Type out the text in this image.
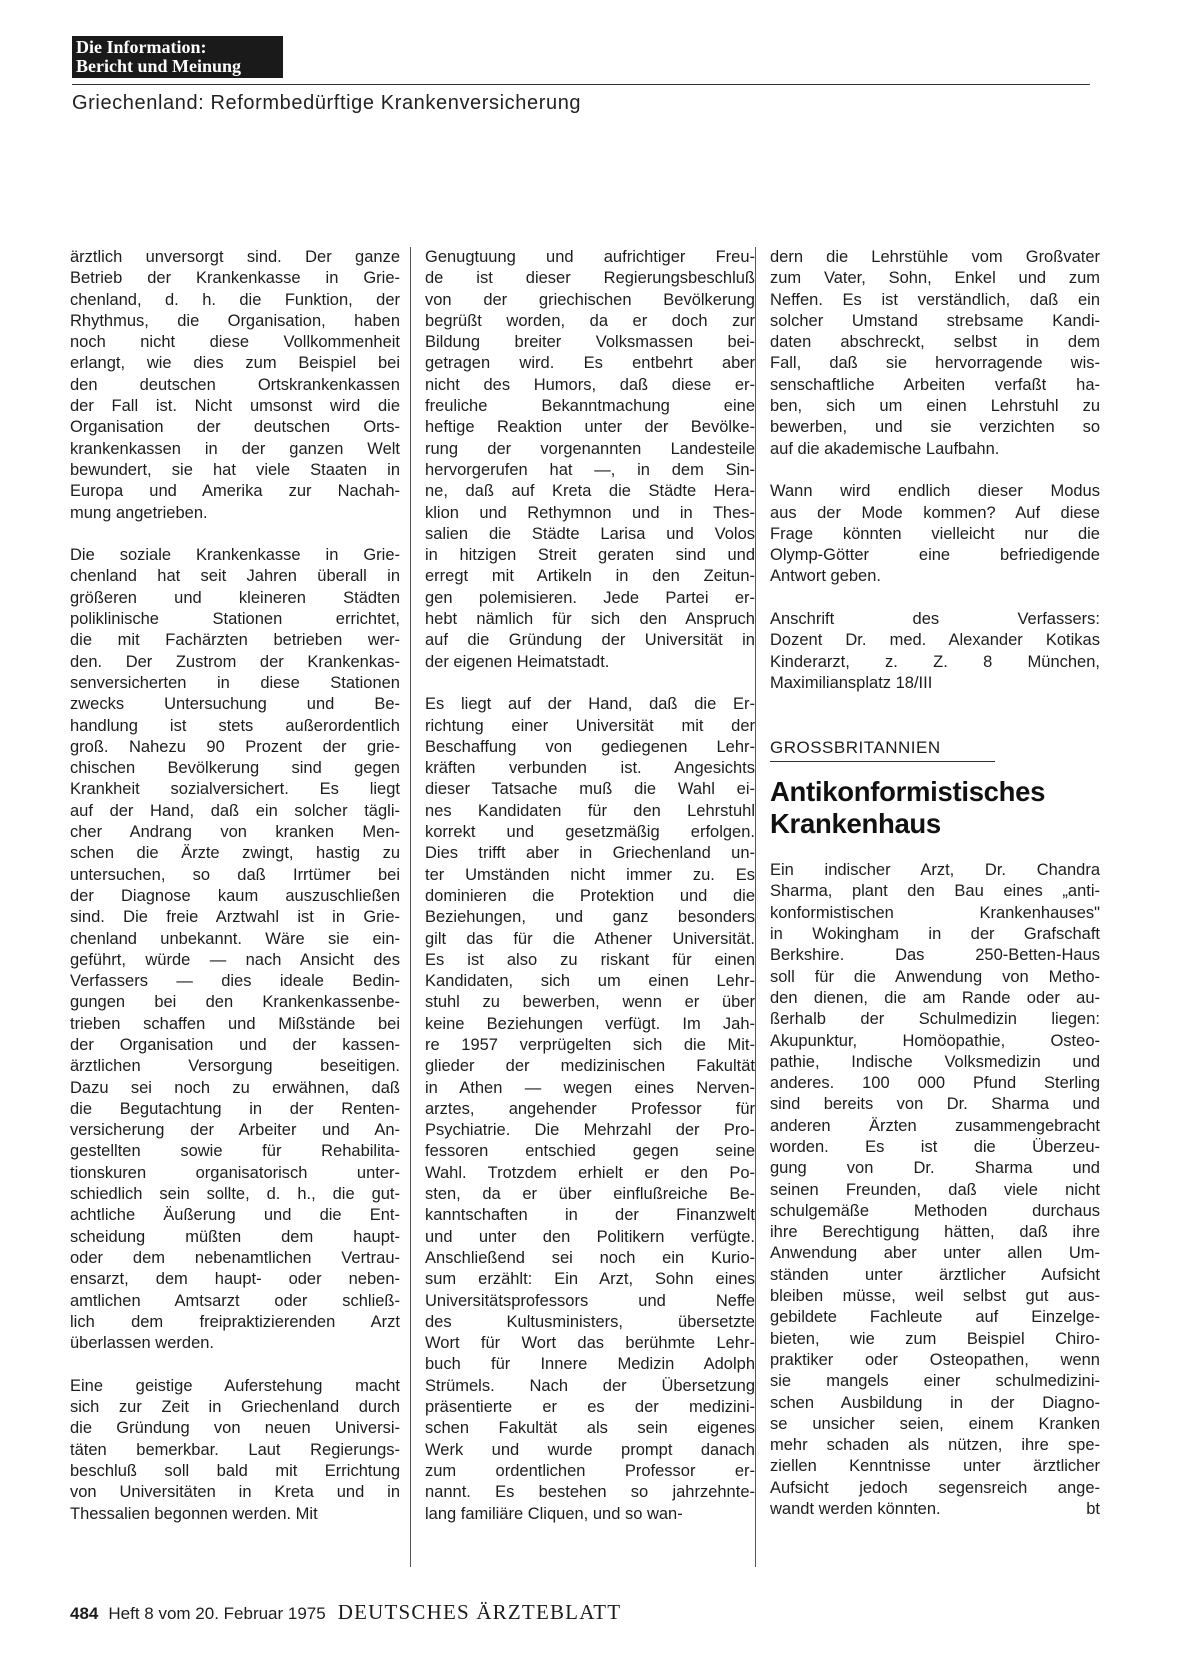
Die Information:
Bericht und Meinung
Griechenland: Reformbedürftige Krankenversicherung
ärztlich unversorgt sind. Der ganze
Betrieb der Krankenkasse in Grie-
chenland, d. h. die Funktion, der
Rhythmus, die Organisation, haben
noch nicht diese Vollkommenheit
erlangt, wie dies zum Beispiel bei
den deutschen Ortskrankenkassen
der Fall ist. Nicht umsonst wird die
Organisation der deutschen Orts-
krankenkassen in der ganzen Welt
bewundert, sie hat viele Staaten in
Europa und Amerika zur Nachah-
mung angetrieben.
Die soziale Krankenkasse in Grie-
chenland hat seit Jahren überall in
größeren und kleineren Städten
poliklinische Stationen errichtet,
die mit Fachärzten betrieben wer-
den. Der Zustrom der Krankenkas-
senversicherten in diese Stationen
zwecks Untersuchung und Be-
handlung ist stets außerordentlich
groß. Nahezu 90 Prozent der grie-
chischen Bevölkerung sind gegen
Krankheit sozialversichert. Es liegt
auf der Hand, daß ein solcher tägli-
cher Andrang von kranken Men-
schen die Ärzte zwingt, hastig zu
untersuchen, so daß Irrtümer bei
der Diagnose kaum auszuschließen
sind. Die freie Arztwahl ist in Grie-
chenland unbekannt. Wäre sie ein-
geführt, würde — nach Ansicht des
Verfassers — dies ideale Bedin-
gungen bei den Krankenkassenbe-
trieben schaffen und Mißstände bei
der Organisation und der kassen-
ärztlichen Versorgung beseitigen.
Dazu sei noch zu erwähnen, daß
die Begutachtung in der Renten-
versicherung der Arbeiter und An-
gestellten sowie für Rehabilita-
tionskuren organisatorisch unter-
schiedlich sein sollte, d. h., die gut-
achtliche Äußerung und die Ent-
scheidung müßten dem haupt-
oder dem nebenamtlichen Vertrau-
ensarzt, dem haupt- oder neben-
amtlichen Amtsarzt oder schließ-
lich dem freipraktizierenden Arzt
überlassen werden.
Eine geistige Auferstehung macht
sich zur Zeit in Griechenland durch
die Gründung von neuen Universi-
täten bemerkbar. Laut Regierungs-
beschluß soll bald mit Errichtung
von Universitäten in Kreta und in
Thessalien begonnen werden. Mit
Genugtuung und aufrichtiger Freu-
de ist dieser Regierungsbeschluß
von der griechischen Bevölkerung
begrüßt worden, da er doch zur
Bildung breiter Volksmassen bei-
getragen wird. Es entbehrt aber
nicht des Humors, daß diese er-
freuliche Bekanntmachung eine
heftige Reaktion unter der Bevölke-
rung der vorgenannten Landesteile
hervorgerufen hat —, in dem Sin-
ne, daß auf Kreta die Städte Hera-
klion und Rethymnon und in Thes-
salien die Städte Larisa und Volos
in hitzigen Streit geraten sind und
erregt mit Artikeln in den Zeitun-
gen polemisieren. Jede Partei er-
hebt nämlich für sich den Anspruch
auf die Gründung der Universität in
der eigenen Heimatstadt.
Es liegt auf der Hand, daß die Er-
richtung einer Universität mit der
Beschaffung von gediegenen Lehr-
kräften verbunden ist. Angesichts
dieser Tatsache muß die Wahl ei-
nes Kandidaten für den Lehrstuhl
korrekt und gesetzmäßig erfolgen.
Dies trifft aber in Griechenland un-
ter Umständen nicht immer zu. Es
dominieren die Protektion und die
Beziehungen, und ganz besonders
gilt das für die Athener Universität.
Es ist also zu riskant für einen
Kandidaten, sich um einen Lehr-
stuhl zu bewerben, wenn er über
keine Beziehungen verfügt. Im Jah-
re 1957 verprügelten sich die Mit-
glieder der medizinischen Fakultät
in Athen — wegen eines Nerven-
arztes, angehender Professor für
Psychiatrie. Die Mehrzahl der Pro-
fessoren entschied gegen seine
Wahl. Trotzdem erhielt er den Po-
sten, da er über einflußreiche Be-
kanntschaften in der Finanzwelt
und unter den Politikern verfügte.
Anschließend sei noch ein Kurio-
sum erzählt: Ein Arzt, Sohn eines
Universitätsprofessors und Neffe
des Kultusministers, übersetzte
Wort für Wort das berühmte Lehr-
buch für Innere Medizin Adolph
Strümels. Nach der Übersetzung
präsentierte er es der medizini-
schen Fakultät als sein eigenes
Werk und wurde prompt danach
zum ordentlichen Professor er-
nannt. Es bestehen so jahrzehnte-
lang familiäre Cliquen, und so wan-
dern die Lehrstühle vom Großvater
zum Vater, Sohn, Enkel und zum
Neffen. Es ist verständlich, daß ein
solcher Umstand strebsame Kandi-
daten abschreckt, selbst in dem
Fall, daß sie hervorragende wis-
senschaftliche Arbeiten verfaßt ha-
ben, sich um einen Lehrstuhl zu
bewerben, und sie verzichten so
auf die akademische Laufbahn.
Wann wird endlich dieser Modus
aus der Mode kommen? Auf diese
Frage könnten vielleicht nur die
Olymp-Götter eine befriedigende
Antwort geben.
Anschrift des Verfassers:
Dozent Dr. med. Alexander Kotikas
Kinderarzt, z. Z. 8 München,
Maximiliansplatz 18/III
GROSSBRITANNIEN
Antikonformistisches
Krankenhaus
Ein indischer Arzt, Dr. Chandra
Sharma, plant den Bau eines „anti-
konformistischen Krankenhauses"
in Wokingham in der Grafschaft
Berkshire. Das 250-Betten-Haus
soll für die Anwendung von Metho-
den dienen, die am Rande oder au-
ßerhalb der Schulmedizin liegen:
Akupunktur, Homöopathie, Osteo-
pathie, Indische Volksmedizin und
anderes. 100 000 Pfund Sterling
sind bereits von Dr. Sharma und
anderen Ärzten zusammengebracht
worden. Es ist die Überzeu-
gung von Dr. Sharma und
seinen Freunden, daß viele nicht
schulgemäße Methoden durchaus
ihre Berechtigung hätten, daß ihre
Anwendung aber unter allen Um-
ständen unter ärztlicher Aufsicht
bleiben müsse, weil selbst gut aus-
gebildete Fachleute auf Einzelge-
bieten, wie zum Beispiel Chiro-
praktiker oder Osteopathen, wenn
sie mangels einer schulmedizini-
schen Ausbildung in der Diagno-
se unsicher seien, einem Kranken
mehr schaden als nützen, ihre spe-
ziellen Kenntnisse unter ärztlicher
Aufsicht jedoch segensreich ange-
wandt werden könnten.	bt
484 Heft 8 vom 20. Februar 1975 DEUTSCHES ÄRZTEBLATT
